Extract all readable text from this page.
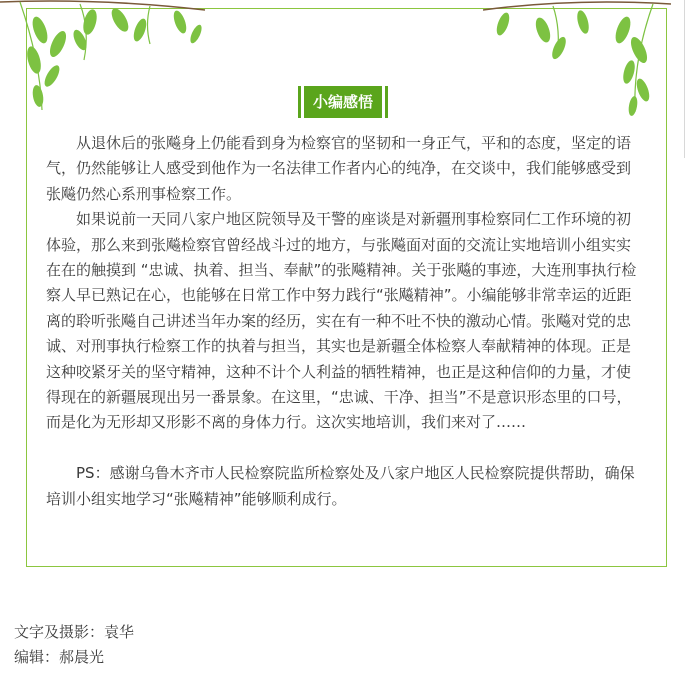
小编感悟

从退休后的张飚身上仍能看到身为检察官的坚韧和一身正气，平和的态度，坚定的语气，仍然能够让人感受到他作为一名法律工作者内心的纯净，在交谈中，我们能够感受到张飚仍然心系刑事检察工作。

如果说前一天同八家户地区院领导及干警的座谈是对新疆刑事检察同仁工作环境的初体验，那么来到张飚检察官曾经战斗过的地方，与张飚面对面的交流让实地培训小组实实在在的触摸到 “忠诚、执着、担当、奉献”的张飚精神。关于张飚的事迹，大连刑事执行检察人早已熟记在心，也能够在日常工作中努力践行“张飚精神”。小编能够非常幸运的近距离的聆听张飚自己讲述当年办案的经历，实在有一种不吐不快的激动心情。张飚对党的忠诚、对刑事执行检察工作的执着与担当，其实也是新疆全体检察人奉献精神的体现。正是这种咬紧牙关的坚守精神，这种不计个人利益的牺牲精神，也正是这种信仰的力量，才使得现在的新疆展现出另一番景象。在这里，“忠诚、干净、担当”不是意识形态里的口号，而是化为无形却又形影不离的身体力行。这次实地培训，我们来对了……

PS：感谢乌鲁木齐市人民检察院监所检察处及八家户地区人民检察院提供帮助，确保培训小组实地学习“张飚精神”能够顺利成行。

文字及摄影：袁华
编辑：郝晨光
